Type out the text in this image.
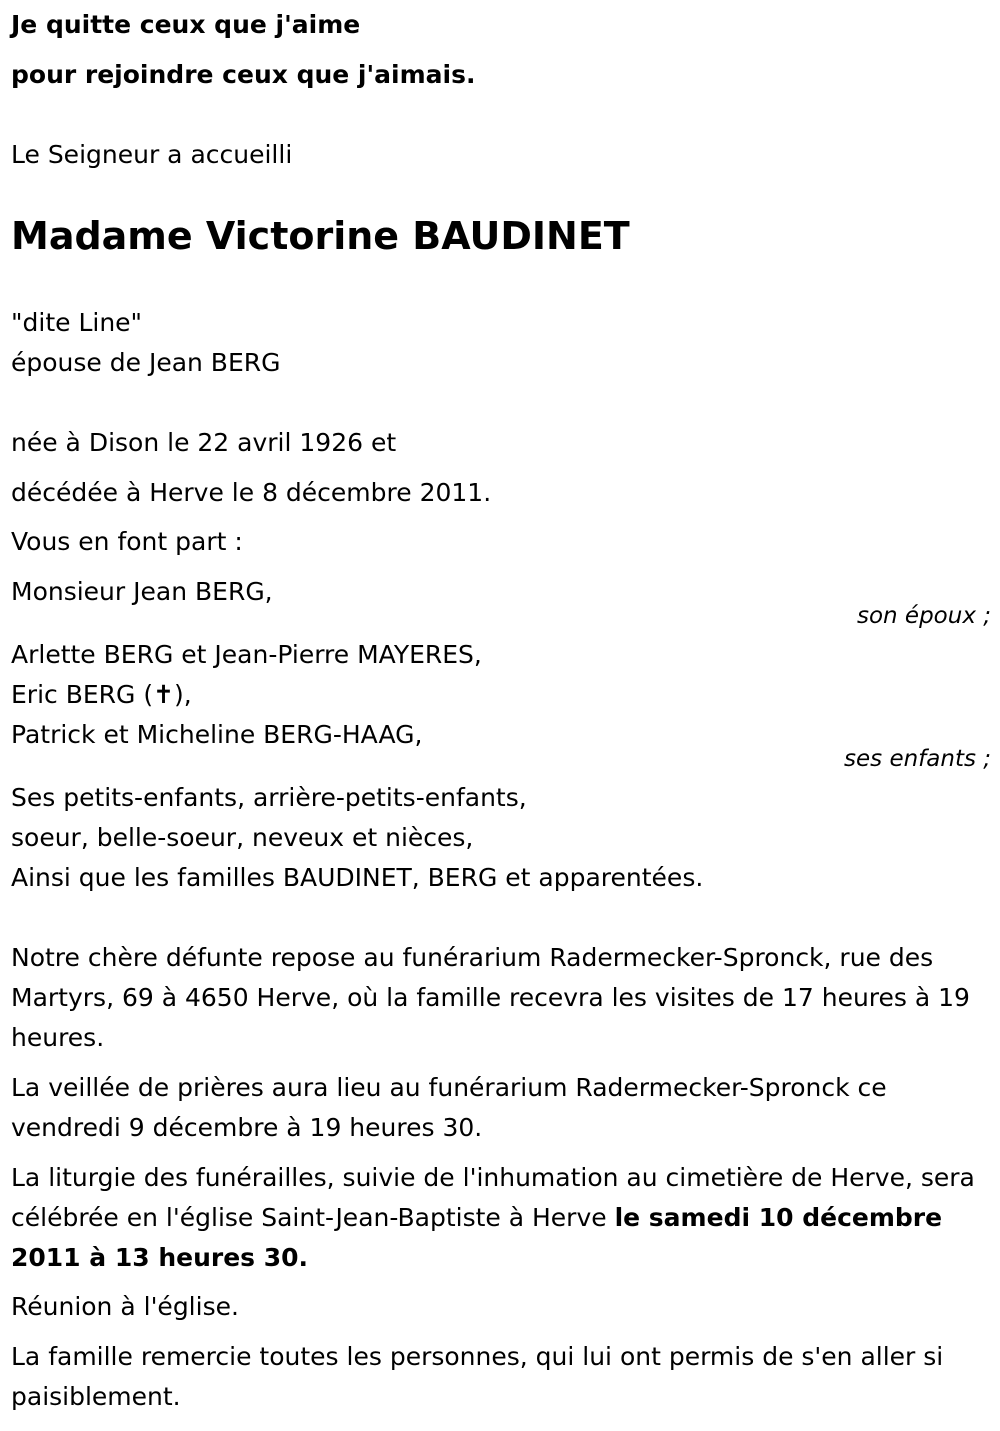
Je quitte ceux que j'aime
pour rejoindre ceux que j'aimais.
Le Seigneur a accueilli
Madame Victorine BAUDINET
"dite Line"
épouse de Jean BERG
née à Dison le 22 avril 1926 et
décédée à Herve le 8 décembre 2011.
Vous en font part :
Monsieur Jean BERG,
son époux ;
Arlette BERG et Jean-Pierre MAYERES,
Eric BERG (✝),
Patrick et Micheline BERG-HAAG,
ses enfants ;
Ses petits-enfants, arrière-petits-enfants,
soeur, belle-soeur, neveux et nièces,
Ainsi que les familles BAUDINET, BERG et apparentées.
Notre chère défunte repose au funérarium Radermecker-Spronck, rue des Martyrs, 69 à 4650 Herve, où la famille recevra les visites de 17 heures à 19 heures.
La veillée de prières aura lieu au funérarium Radermecker-Spronck ce vendredi 9 décembre à 19 heures 30.
La liturgie des funérailles, suivie de l'inhumation au cimetière de Herve, sera célébrée en l'église Saint-Jean-Baptiste à Herve le samedi 10 décembre 2011 à 13 heures 30.
Réunion à l'église.
La famille remercie toutes les personnes, qui lui ont permis de s'en aller si paisiblement.
